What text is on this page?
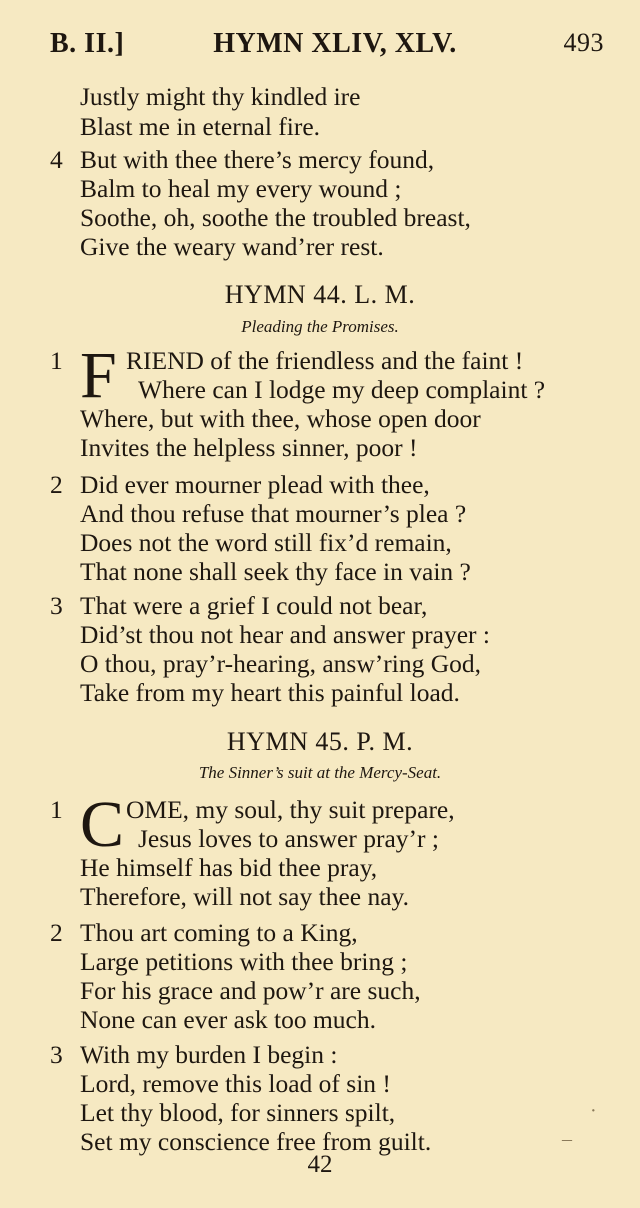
B. II.]	HYMN XLIV, XLV.	493
Justly might thy kindled ire
Blast me in eternal fire.
4 But with thee there’s mercy found,
Balm to heal my every wound ;
Soothe, oh, soothe the troubled breast,
Give the weary wand’rer rest.
HYMN 44. L. M.
Pleading the Promises.
1 F RIEND of the friendless and the faint !
Where can I lodge my deep complaint ?
Where, but with thee, whose open door
Invites the helpless sinner, poor !
2 Did ever mourner plead with thee,
And thou refuse that mourner’s plea ?
Does not the word still fix’d remain,
That none shall seek thy face in vain ?
3 That were a grief I could not bear,
Did’st thou not hear and answer prayer :
O thou, pray’r-hearing, answ’ring God,
Take from my heart this painful load.
HYMN 45. P. M.
The Sinner’s suit at the Mercy-Seat.
1 C OME, my soul, thy suit prepare,
Jesus loves to answer pray’r ;
He himself has bid thee pray,
Therefore, will not say thee nay.
2 Thou art coming to a King,
Large petitions with thee bring ;
For his grace and pow’r are such,
None can ever ask too much.
3 With my burden I begin :
Lord, remove this load of sin !
Let thy blood, for sinners spilt,
Set my conscience free from guilt.
42
·
–
